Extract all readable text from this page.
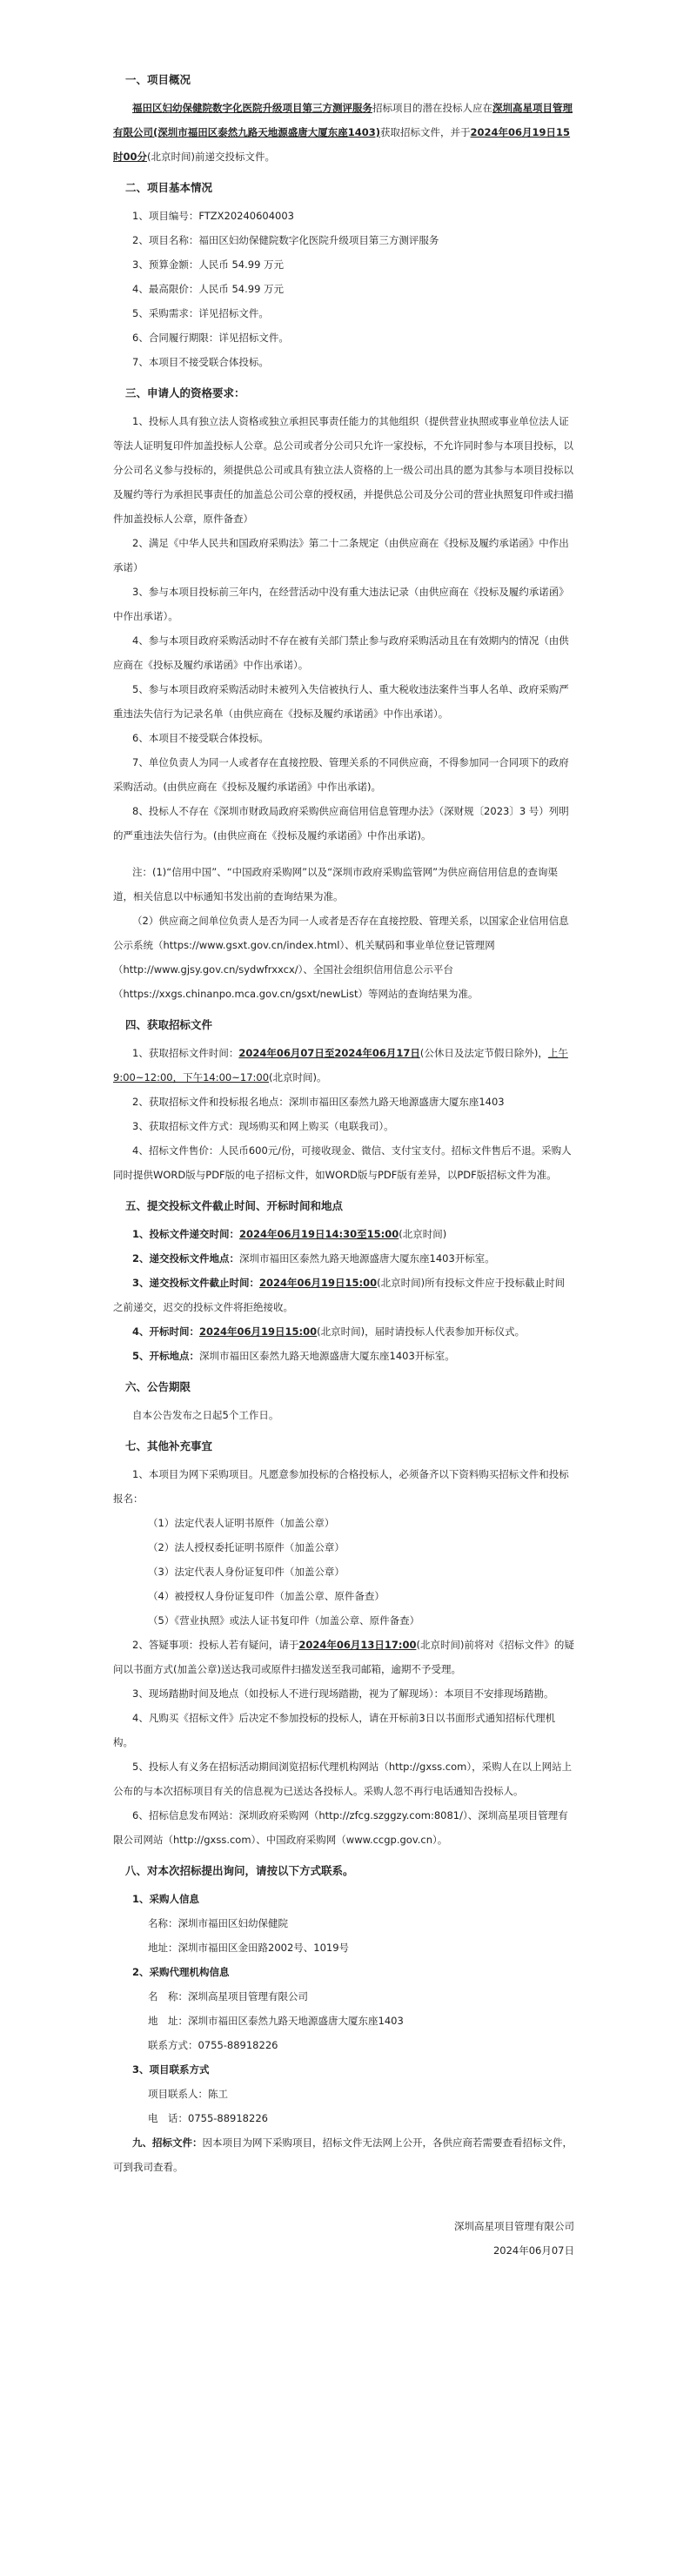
一、项目概况
福田区妇幼保健院数字化医院升级项目第三方测评服务招标项目的潜在投标人应在深圳高星项目管理有限公司(深圳市福田区泰然九路天地源盛唐大厦东座1403)获取招标文件，并于2024年06月19日15时00分(北京时间)前递交投标文件。
二、项目基本情况
1、项目编号：FTZX20240604003
2、项目名称：福田区妇幼保健院数字化医院升级项目第三方测评服务
3、预算金额：人民币 54.99 万元
4、最高限价：人民币 54.99 万元
5、采购需求：详见招标文件。
6、合同履行期限：详见招标文件。
7、本项目不接受联合体投标。
三、申请人的资格要求：
1、投标人具有独立法人资格或独立承担民事责任能力的其他组织（提供营业执照或事业单位法人证等法人证明复印件加盖投标人公章。总公司或者分公司只允许一家投标，不允许同时参与本项目投标，以分公司名义参与投标的，须提供总公司或具有独立法人资格的上一级公司出具的愿为其参与本项目投标以及履约等行为承担民事责任的加盖总公司公章的授权函，并提供总公司及分公司的营业执照复印件或扫描件加盖投标人公章，原件备查）
2、满足《中华人民共和国政府采购法》第二十二条规定（由供应商在《投标及履约承诺函》中作出承诺）
3、参与本项目投标前三年内，在经营活动中没有重大违法记录（由供应商在《投标及履约承诺函》中作出承诺）。
4、参与本项目政府采购活动时不存在被有关部门禁止参与政府采购活动且在有效期内的情况（由供应商在《投标及履约承诺函》中作出承诺）。
5、参与本项目政府采购活动时未被列入失信被执行人、重大税收违法案件当事人名单、政府采购严重违法失信行为记录名单（由供应商在《投标及履约承诺函》中作出承诺）。
6、本项目不接受联合体投标。
7、单位负责人为同一人或者存在直接控股、管理关系的不同供应商，不得参加同一合同项下的政府采购活动。(由供应商在《投标及履约承诺函》中作出承诺)。
8、投标人不存在《深圳市财政局政府采购供应商信用信息管理办法》（深财规〔2023〕3 号）列明的严重违法失信行为。(由供应商在《投标及履约承诺函》中作出承诺)。
注：(1)“信用中国”、“中国政府采购网”以及“深圳市政府采购监管网”为供应商信用信息的查询渠道，相关信息以中标通知书发出前的查询结果为准。
（2）供应商之间单位负责人是否为同一人或者是否存在直接控股、管理关系，以国家企业信用信息公示系统（https://www.gsxt.gov.cn/index.html）、机关赋码和事业单位登记管理网（http://www.gjsy.gov.cn/sydwfrxxcx/）、全国社会组织信用信息公示平台（https://xxgs.chinanpo.mca.gov.cn/gsxt/newList）等网站的查询结果为准。
四、获取招标文件
1、获取招标文件时间：2024年06月07日至2024年06月17日(公休日及法定节假日除外)，上午9:00~12:00，下午14:00~17:00(北京时间)。
2、获取招标文件和投标报名地点：深圳市福田区泰然九路天地源盛唐大厦东座1403
3、获取招标文件方式：现场购买和网上购买（电联我司）。
4、招标文件售价：人民币600元/份，可接收现金、微信、支付宝支付。招标文件售后不退。采购人同时提供WORD版与PDF版的电子招标文件，如WORD版与PDF版有差异，以PDF版招标文件为准。
五、提交投标文件截止时间、开标时间和地点
1、投标文件递交时间：2024年06月19日14:30至15:00(北京时间)
2、递交投标文件地点：深圳市福田区泰然九路天地源盛唐大厦东座1403开标室。
3、递交投标文件截止时间：2024年06月19日15:00(北京时间)所有投标文件应于投标截止时间之前递交，迟交的投标文件将拒绝接收。
4、开标时间：2024年06月19日15:00(北京时间)，届时请投标人代表参加开标仪式。
5、开标地点：深圳市福田区泰然九路天地源盛唐大厦东座1403开标室。
六、公告期限
自本公告发布之日起5个工作日。
七、其他补充事宜
1、本项目为网下采购项目。凡愿意参加投标的合格投标人，必须备齐以下资料购买招标文件和投标报名：
（1）法定代表人证明书原件（加盖公章）
（2）法人授权委托证明书原件（加盖公章）
（3）法定代表人身份证复印件（加盖公章）
（4）被授权人身份证复印件（加盖公章、原件备查）
（5）《营业执照》或法人证书复印件（加盖公章、原件备查）
2、答疑事项：投标人若有疑问，请于2024年06月13日17:00(北京时间)前将对《招标文件》的疑问以书面方式(加盖公章)送达我司或原件扫描发送至我司邮箱，逾期不予受理。
3、现场踏勘时间及地点（如投标人不进行现场踏勘，视为了解现场）：本项目不安排现场踏勘。
4、凡购买《招标文件》后决定不参加投标的投标人，请在开标前3日以书面形式通知招标代理机构。
5、投标人有义务在招标活动期间浏览招标代理机构网站（http://gxss.com），采购人在以上网站上公布的与本次招标项目有关的信息视为已送达各投标人。采购人忽不再行电话通知告投标人。
6、招标信息发布网站：深圳政府采购网（http://zfcg.szggzy.com:8081/）、深圳高星项目管理有限公司网站（http://gxss.com）、中国政府采购网（www.ccgp.gov.cn）。
八、对本次招标提出询问，请按以下方式联系。
1、采购人信息
名称：深圳市福田区妇幼保健院
地址：深圳市福田区金田路2002号、1019号
2、采购代理机构信息
名　称：深圳高星项目管理有限公司
地　址：深圳市福田区泰然九路天地源盛唐大厦东座1403
联系方式：0755-88918226
3、项目联系方式
项目联系人：陈工
电　话：0755-88918226
九、招标文件：因本项目为网下采购项目，招标文件无法网上公开，各供应商若需要查看招标文件，可到我司查看。
深圳高星项目管理有限公司
2024年06月07日
